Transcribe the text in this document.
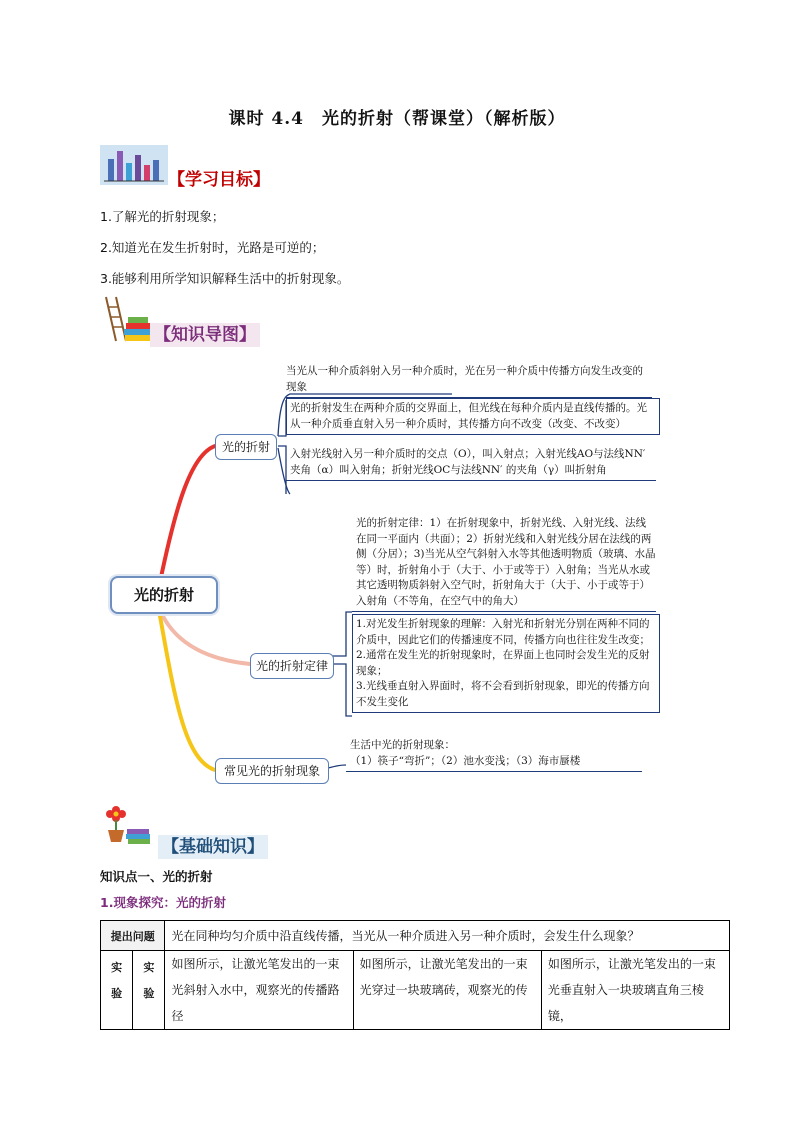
课时 4.4　光的折射（帮课堂）（解析版）
【学习目标】
1.了解光的折射现象；
2.知道光在发生折射时，光路是可逆的；
3.能够利用所学知识解释生活中的折射现象。
【知识导图】
光的折射
光的折射
光的折射定律
常见光的折射现象
当光从一种介质斜射入另一种介质时，光在另一种介质中传播方向发生改变的现象
光的折射发生在两种介质的交界面上，但光线在每种介质内是直线传播的。光从一种介质垂直射入另一种介质时，其传播方向不改变（改变、不改变）
入射光线射入另一种介质时的交点（O），叫入射点；入射光线AO与法线NN′ 夹角（α）叫入射角；折射光线OC与法线NN′ 的夹角（γ）叫折射角
光的折射定律：1）在折射现象中，折射光线、入射光线、法线在同一平面内（共面）；2）折射光线和入射光线分居在法线的两侧（分居）；3)当光从空气斜射入水等其他透明物质（玻璃、水晶等）时，折射角小于（大于、小于或等于）入射角；当光从水或其它透明物质斜射入空气时，折射角大于（大于、小于或等于）入射角（不等角，在空气中的角大）
1.对光发生折射现象的理解：入射光和折射光分别在两种不同的介质中，因此它们的传播速度不同，传播方向也往往发生改变；
2.通常在发生光的折射现象时，在界面上也同时会发生光的反射现象；
3.光线垂直射入界面时，将不会看到折射现象，即光的传播方向不发生变化
生活中光的折射现象：
（1）筷子“弯折”；（2）池水变浅；（3）海市蜃楼
【基础知识】
知识点一、光的折射
1.现象探究：光的折射
提出问题		光在同种均匀介质中沿直线传播，当光从一种介质进入另一种介质时，会发生什么现象？		
实
验	实
验	如图所示，让激光笔发出的一束光斜射入水中，观察光的传播路径	如图所示，让激光笔发出的一束光穿过一块玻璃砖，观察光的传	如图所示，让激光笔发出的一束光垂直射入一块玻璃直角三棱镜，
